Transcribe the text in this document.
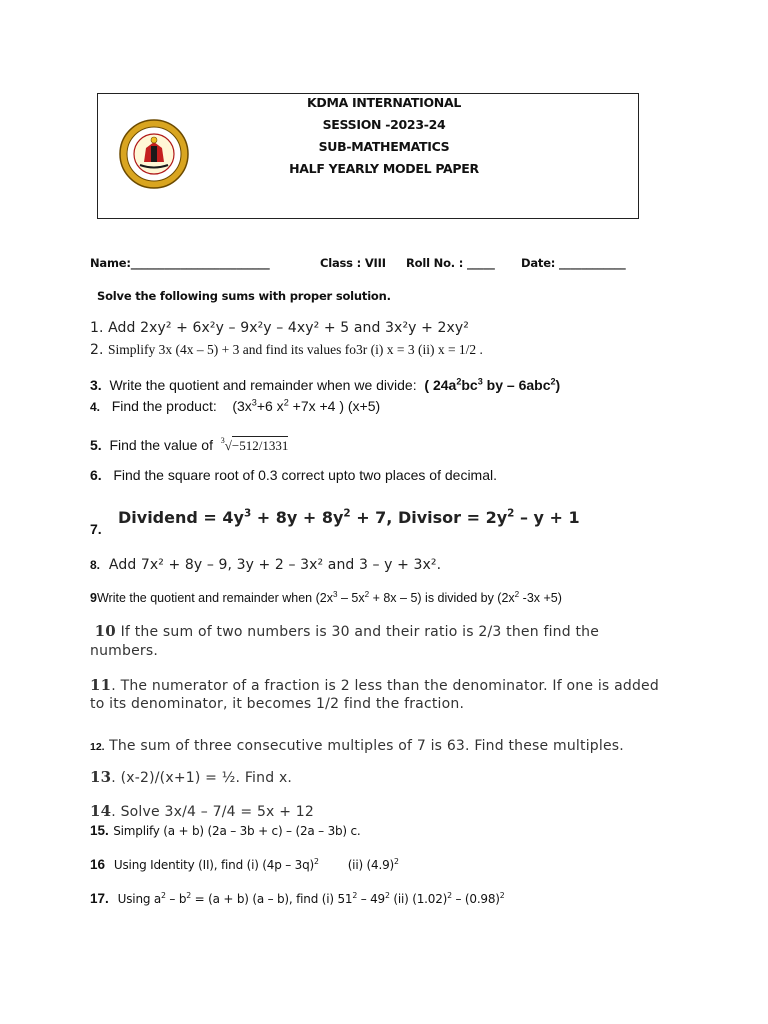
KDMA INTERNATIONAL
SESSION -2023-24
SUB-MATHEMATICS
HALF YEARLY MODEL PAPER
Name:_________________________	Class : VIII Roll No. : _____ Date: ____________
Solve the following sums with proper solution.
1. Add 2xy² + 6x²y – 9x²y – 4xy² + 5 and 3x²y + 2xy²
2. Simplify 3x (4x – 5) + 3 and find its values fo3r (i) x = 3 (ii) x = 1/2 .
3. Write the quotient and remainder when we divide: ( $24a^2bc^3$ by – 6abc$^2$)
4. Find the product: ($3x^3+6$ $x^2 +7x +4$ ) (x+5)
5. Find the value of $^3$√−512/1331
6. Find the square root of 0.3 correct upto two places of decimal.
7.
Dividend = $4y^3 + 8y + 8y^2 + 7$, Divisor = $2y^2 - y + 1$
8. Add 7x² + 8y – 9, 3y + 2 – 3x² and 3 – y + 3x².
9Write the quotient and remainder when $(2x^3 - 5x^2 + 8x - 5)$ is divided by ($2x^2$ -3x +5)
10 If the sum of two numbers is 30 and their ratio is 2/3 then find the numbers.
11. The numerator of a fraction is 2 less than the denominator. If one is added to its denominator, it becomes 1/2 find the fraction.
12. The sum of three consecutive multiples of 7 is 63. Find these multiples.
13. (x-2)/(x+1) = ½. Find x.
14. Solve 3x/4 – 7/4 = 5x + 12
15. Simplify (a + b) (2a – 3b + c) – (2a – 3b) c.
16 Using Identity (II), find (i) (4p – 3q)$^2$ (ii) $(4.9)^2$
17. Using $a^2 - b^2 = (a + b)$ (a – b), find (i) $51^2 - 49^2$ (ii) $(1.02)^2 - (0.98)^2$
